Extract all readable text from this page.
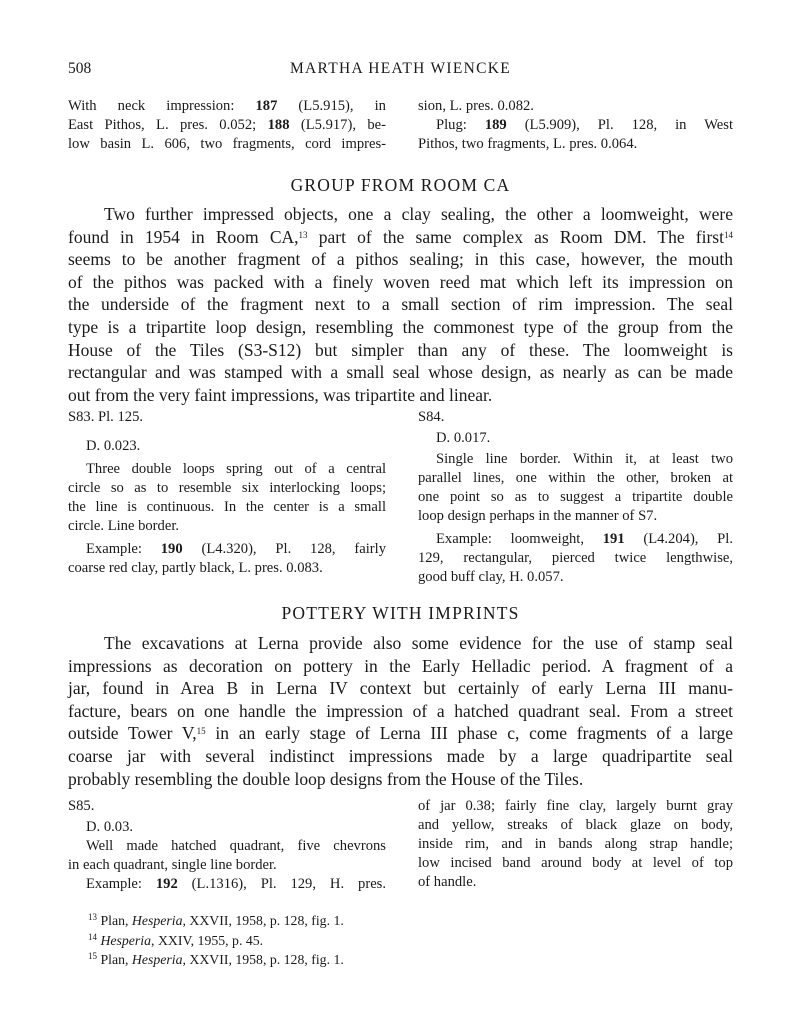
508	MARTHA HEATH WIENCKE
With neck impression: 187 (L5.915), in
East Pithos, L. pres. 0.052; 188 (L5.917), be-
low basin L. 606, two fragments, cord impres-
sion, L. pres. 0.082.
Plug: 189 (L5.909), Pl. 128, in West
Pithos, two fragments, L. pres. 0.064.
GROUP FROM ROOM CA
Two further impressed objects, one a clay sealing, the other a loomweight, were
found in 1954 in Room CA,$^{13}$ part of the same complex as Room DM. The first$^{14}$
seems to be another fragment of a pithos sealing; in this case, however, the mouth
of the pithos was packed with a finely woven reed mat which left its impression on
the underside of the fragment next to a small section of rim impression. The seal
type is a tripartite loop design, resembling the commonest type of the group from the
House of the Tiles (S3-S12) but simpler than any of these. The loomweight is
rectangular and was stamped with a small seal whose design, as nearly as can be made
out from the very faint impressions, was tripartite and linear.
S83. Pl. 125.
D. 0.023.
Three double loops spring out of a central
circle so as to resemble six interlocking loops;
the line is continuous. In the center is a small
circle. Line border.
Example: 190 (L4.320), Pl. 128, fairly
coarse red clay, partly black, L. pres. 0.083.
S84.
D. 0.017.
Single line border. Within it, at least two
parallel lines, one within the other, broken at
one point so as to suggest a tripartite double
loop design perhaps in the manner of S7.
Example: loomweight, 191 (L4.204), Pl.
129, rectangular, pierced twice lengthwise,
good buff clay, H. 0.057.
POTTERY WITH IMPRINTS
The excavations at Lerna provide also some evidence for the use of stamp seal
impressions as decoration on pottery in the Early Helladic period. A fragment of a
jar, found in Area B in Lerna IV context but certainly of early Lerna III manu-
facture, bears on one handle the impression of a hatched quadrant seal. From a street
outside Tower V,$^{15}$ in an early stage of Lerna III phase c, come fragments of a large
coarse jar with several indistinct impressions made by a large quadripartite seal
probably resembling the double loop designs from the House of the Tiles.
S85.
D. 0.03.
Well made hatched quadrant, five chevrons
in each quadrant, single line border.
Example: 192 (L.1316), Pl. 129, H. pres.
of jar 0.38; fairly fine clay, largely burnt gray
and yellow, streaks of black glaze on body,
inside rim, and in bands along strap handle;
low incised band around body at level of top
of handle.
$^{13}$ Plan, Hesperia, XXVII, 1958, p. 128, fig. 1.
$^{14}$ Hesperia, XXIV, 1955, p. 45.
$^{15}$ Plan, Hesperia, XXVII, 1958, p. 128, fig. 1.
